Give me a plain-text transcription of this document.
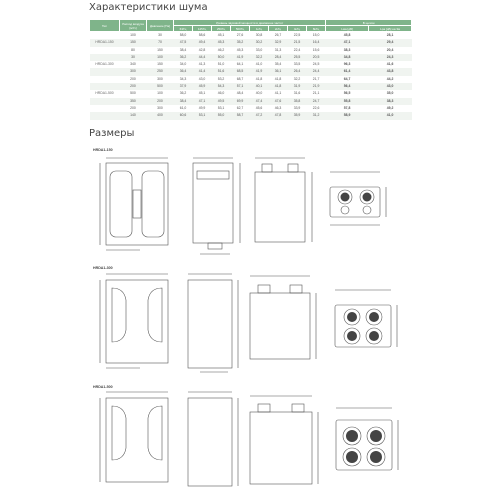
Характеристики шума
Тип	Расход воздуха [м³/ч]	Давление [Па]	Уровень звуковой мощности в диапазоне частот								В целом	
			63Гц	125Гц	250Гц	500Гц	1кГц	2кГц	4кГц	8кГц	Lwa [дБ]	Lpa [дБ] на 3м
	100	30	58,0	58,6	45,1	27,6	30,8	26,7	22,5	15,0	45,8	28,1
HRDA1-150	150	70	47,5	49,4	45,3	35,2	30,2	32,9	21,5	16,4	47,1	29,4
	80	150	38,4	42,8	46,2	45,3	33,0	31,3	22,4	15,6	38,3	20,4
	30	100	36,2	44,4	50,0	41,9	32,2	28,4	25,5	20,5	34,8	24,3
HRDA1-300	340	150	34,0	41,3	51,0	64,1	41,0	35,4	33,5	24,5	96,3	41,6
	300	250	36,4	41,4	51,6	68,5	41,9	36,1	26,4	24,4	61,4	43,8
	200	300	34,3	43,0	53,2	68,7	41,8	41,8	32,2	21,7	64,7	44,2
	200	500	37,9	45,9	54,3	57,1	40,1	41,8	31,9	21,9	56,4	43,0
HRDA1-500	500	100	36,2	45,1	46,0	48,4	40,0	41,1	31,6	21,1	56,5	35,0
	350	200	38,4	47,1	49,5	69,9	47,4	47,6	35,8	24,7	55,8	38,3
	200	300	61,0	49,9	53,1	62,7	45,6	46,3	33,9	22,6	57,8	49,2
	140	400	60,6	53,1	55,0	58,7	47,2	47,8	35,9	31,2	58,9	41,0
Размеры
HRDA1-150
HRDA1-300
HRDA1-500
